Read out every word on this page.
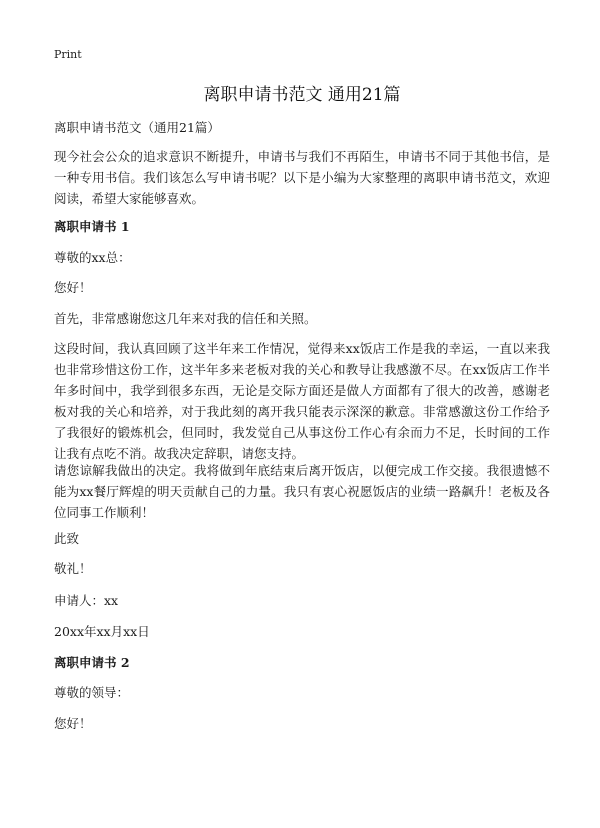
Print
离职申请书范文 通用21篇
离职申请书范文（通用21篇）
现今社会公众的追求意识不断提升，申请书与我们不再陌生，申请书不同于其他书信，是一种专用书信。我们该怎么写申请书呢？以下是小编为大家整理的离职申请书范文，欢迎阅读，希望大家能够喜欢。
离职申请书 1
尊敬的xx总：
您好！
首先，非常感谢您这几年来对我的信任和关照。
这段时间，我认真回顾了这半年来工作情况，觉得来xx饭店工作是我的幸运，一直以来我也非常珍惜这份工作，这半年多来老板对我的关心和教导让我感激不尽。在xx饭店工作半年多时间中，我学到很多东西，无论是交际方面还是做人方面都有了很大的改善，感谢老板对我的关心和培养，对于我此刻的离开我只能表示深深的歉意。非常感激这份工作给予了我很好的锻炼机会，但同时，我发觉自己从事这份工作心有余而力不足，长时间的工作让我有点吃不消。故我决定辞职，请您支持。
请您谅解我做出的决定。我将做到年底结束后离开饭店，以便完成工作交接。我很遗憾不能为xx餐厅辉煌的明天贡献自己的力量。我只有衷心祝愿饭店的业绩一路飙升！老板及各位同事工作顺利！
此致
敬礼！
申请人：xx
20xx年xx月xx日
离职申请书 2
尊敬的领导：
您好！
